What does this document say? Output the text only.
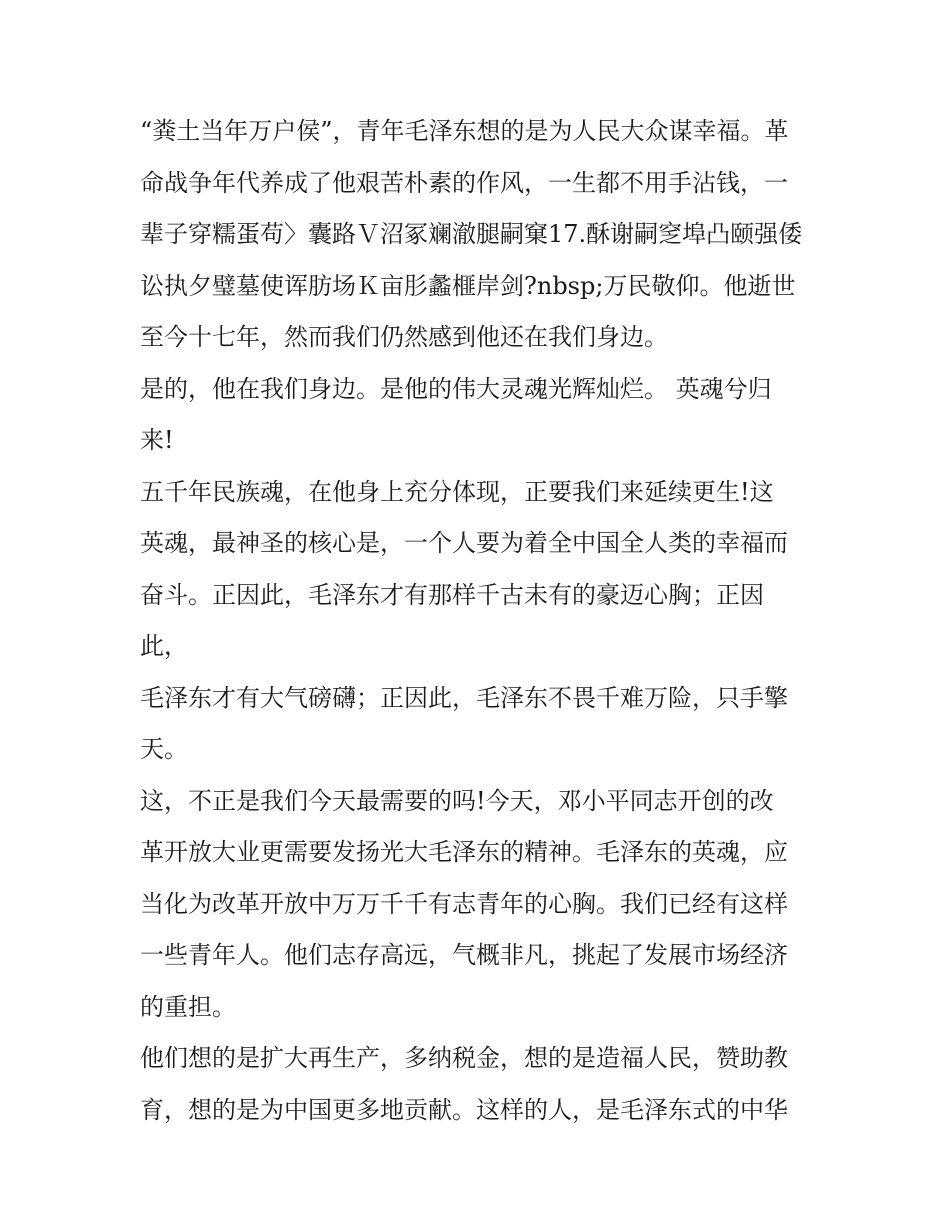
“粪土当年万户侯”，青年毛泽东想的是为人民大众谋幸福。革
命战争年代养成了他艰苦朴素的作风，一生都不用手沾钱，一
辈子穿糯蛋苟〉囊路Ｖ沼冢斓澈腿嗣窠17.酥谢嗣窆埠凸颐强倭
讼执夕璧墓使诨肪场Ｋ亩肜蠡榧岸剑?nbsp;万民敬仰。他逝世
至今十七年，然而我们仍然感到他还在我们身边。
是的，他在我们身边。是他的伟大灵魂光辉灿烂。 英魂兮归
来!
五千年民族魂，在他身上充分体现，正要我们来延续更生!这
英魂，最神圣的核心是，一个人要为着全中国全人类的幸福而
奋斗。正因此，毛泽东才有那样千古未有的豪迈心胸；正因
此，
毛泽东才有大气磅礴；正因此，毛泽东不畏千难万险，只手擎
天。
这，不正是我们今天最需要的吗!今天，邓小平同志开创的改
革开放大业更需要发扬光大毛泽东的精神。毛泽东的英魂，应
当化为改革开放中万万千千有志青年的心胸。我们已经有这样
一些青年人。他们志存高远，气概非凡，挑起了发展市场经济
的重担。
他们想的是扩大再生产，多纳税金，想的是造福人民，赞助教
育，想的是为中国更多地贡献。这样的人，是毛泽东式的中华
